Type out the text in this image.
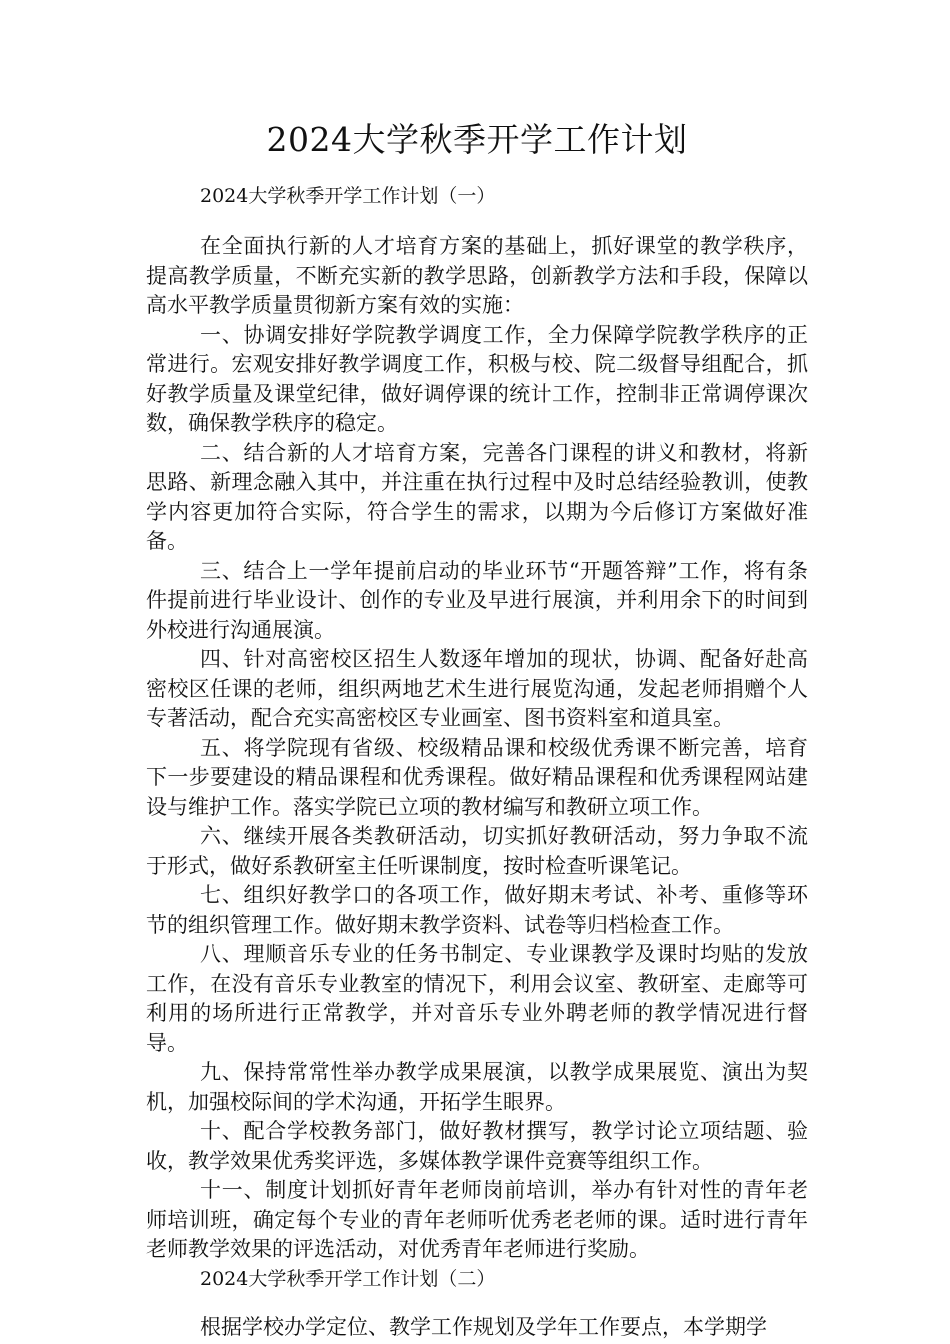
2024大学秋季开学工作计划

2024大学秋季开学工作计划（一）

在全面执行新的人才培育方案的基础上，抓好课堂的教学秩序，提高教学质量，不断充实新的教学思路，创新教学方法和手段，保障以高水平教学质量贯彻新方案有效的实施：

一、协调安排好学院教学调度工作，全力保障学院教学秩序的正常进行。宏观安排好教学调度工作，积极与校、院二级督导组配合，抓好教学质量及课堂纪律，做好调停课的统计工作，控制非正常调停课次数，确保教学秩序的稳定。

二、结合新的人才培育方案，完善各门课程的讲义和教材，将新思路、新理念融入其中，并注重在执行过程中及时总结经验教训，使教学内容更加符合实际，符合学生的需求，以期为今后修订方案做好准备。

三、结合上一学年提前启动的毕业环节“开题答辩”工作，将有条件提前进行毕业设计、创作的专业及早进行展演，并利用余下的时间到外校进行沟通展演。

四、针对高密校区招生人数逐年增加的现状，协调、配备好赴高密校区任课的老师，组织两地艺术生进行展览沟通，发起老师捐赠个人专著活动，配合充实高密校区专业画室、图书资料室和道具室。

五、将学院现有省级、校级精品课和校级优秀课不断完善，培育下一步要建设的精品课程和优秀课程。做好精品课程和优秀课程网站建设与维护工作。落实学院已立项的教材编写和教研立项工作。

六、继续开展各类教研活动，切实抓好教研活动，努力争取不流于形式，做好系教研室主任听课制度，按时检查听课笔记。

七、组织好教学口的各项工作，做好期末考试、补考、重修等环节的组织管理工作。做好期末教学资料、试卷等归档检查工作。

八、理顺音乐专业的任务书制定、专业课教学及课时均贴的发放工作，在没有音乐专业教室的情况下，利用会议室、教研室、走廊等可利用的场所进行正常教学，并对音乐专业外聘老师的教学情况进行督导。

九、保持常常性举办教学成果展演，以教学成果展览、演出为契机，加强校际间的学术沟通，开拓学生眼界。

十、配合学校教务部门，做好教材撰写，教学讨论立项结题、验收，教学效果优秀奖评选，多媒体教学课件竞赛等组织工作。

十一、制度计划抓好青年老师岗前培训，举办有针对性的青年老师培训班，确定每个专业的青年老师听优秀老老师的课。适时进行青年老师教学效果的评选活动，对优秀青年老师进行奖励。

2024大学秋季开学工作计划（二）

根据学校办学定位、教学工作规划及学年工作要点，本学期学
